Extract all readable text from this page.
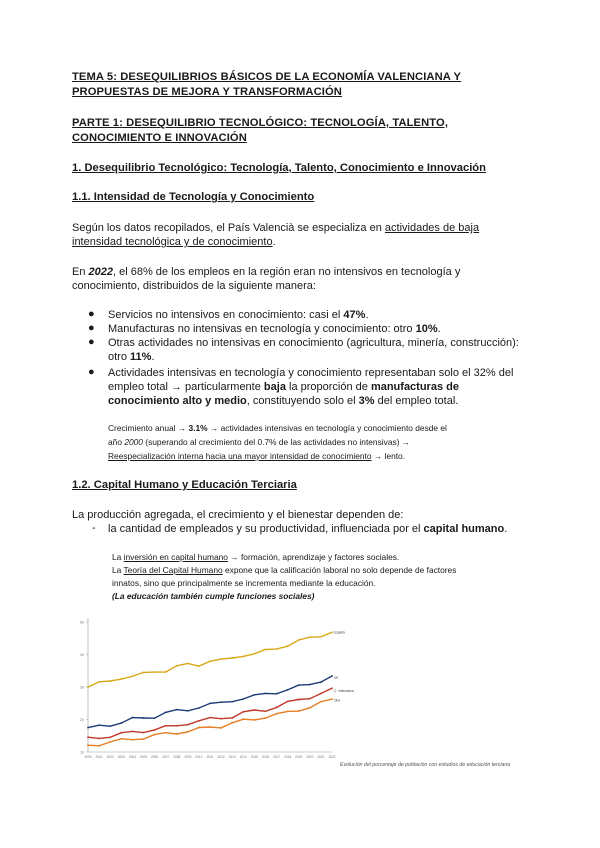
TEMA 5: DESEQUILIBRIOS BÁSICOS DE LA ECONOMÍA VALENCIANA Y
PROPUESTAS DE MEJORA Y TRANSFORMACIÓN
PARTE 1: DESEQUILIBRIO TECNOLÓGICO: TECNOLOGÍA, TALENTO,
CONOCIMIENTO E INNOVACIÓN
1. Desequilibrio Tecnológico: Tecnología, Talento, Conocimiento e Innovación
1.1. Intensidad de Tecnología y Conocimiento
Según los datos recopilados, el País Valencià se especializa en actividades de baja
intensidad tecnológica y de conocimiento.
En 2022, el 68% de los empleos en la región eran no intensivos en tecnología y
conocimiento, distribuidos de la siguiente manera:
● Servicios no intensivos en conocimiento: casi el 47%.
● Manufacturas no intensivas en tecnología y conocimiento: otro 10%.
● Otras actividades no intensivas en conocimiento (agricultura, minería, construcción):
otro 11%.
● Actividades intensivas en tecnología y conocimiento representaban solo el 32% del
empleo total → particularmente baja la proporción de manufacturas de
conocimiento alto y medio, constituyendo solo el 3% del empleo total.
Crecimiento anual → 3.1% → actividades intensivas en tecnología y conocimiento desde el
año 2000 (superando al crecimiento del 0.7% de las actividades no intensivas) →
Reespecialización interna hacia una mayor intensidad de conocimiento → lento.
1.2. Capital Humano y Educación Terciaria
La producción agregada, el crecimiento y el bienestar dependen de:
- la cantidad de empleados y su productividad, influenciada por el capital humano.
La inversión en capital humano → formación, aprendizaje y factores sociales.
La Teoría del Capital Humano expone que la calificación laboral no solo depende de factores
innatos, sino que principalmente se incrementa mediante la educación.
(La educación también cumple funciones sociales)
10
20
30
40
50
2000 2001 2002 2003 2004 2005 2006 2007 2008 2009 2010 2011 2012 2013 2014 2015 2016 2017 2018 2019 2020 2021 2022
España
UE
C. Valenciana
Otra
Evolución del porcentaje de población con estudios de educación terciaria
